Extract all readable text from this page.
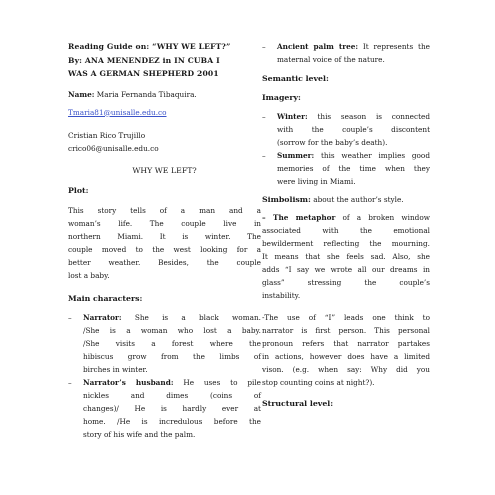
Reading Guide on: “WHY WE LEFT?”

By: ANA MENENDEZ in IN CUBA I

WAS A GERMAN SHEPHERD 2001

Name: Maria Fernanda Tibaquira.

Tmaria81@unisalle.edu.co

Cristian Rico Trujillo

crico06@unisalle.edu.co

WHY WE LEFT?

Plot:

This story tells of a man and a

woman’s life. The couple live in

northern Miami. It is winter. The

couple moved to the west looking for a

better weather. Besides, the couple

lost a baby.

Main characters:

– Narrator: She is a black woman.

/She is a woman who lost a baby.

/She visits a forest where the

hibiscus grow from the limbs of

birches in winter.

– Narrator’s husband: He uses to pile

nickles and dimes (coins of

changes)/ He is hardly ever at

home. /He is incredulous before the

story of his wife and the palm.

– Ancient palm tree: It represents the

maternal voice of the nature.

Semantic level:

Imagery:

– Winter: this season is connected

with the couple’s discontent

(sorrow for the baby’s death).

– Summer: this weather implies good

memories of the time when they

were living in Miami.

Simbolism: about the author’s style.

– The metaphor of a broken window

associated with the emotional

bewilderment reflecting the mourning.

It means that she feels sad. Also, she

adds “I say we wrote all our dreams in

glass” stressing the couple’s

instability.

-The use of “I” leads one think to

narrator is first person. This personal

pronoun refers that narrator partakes

in actions, however does have a limited

vison. (e.g. when say: Why did you

stop counting coins at night?).

Structural level:
